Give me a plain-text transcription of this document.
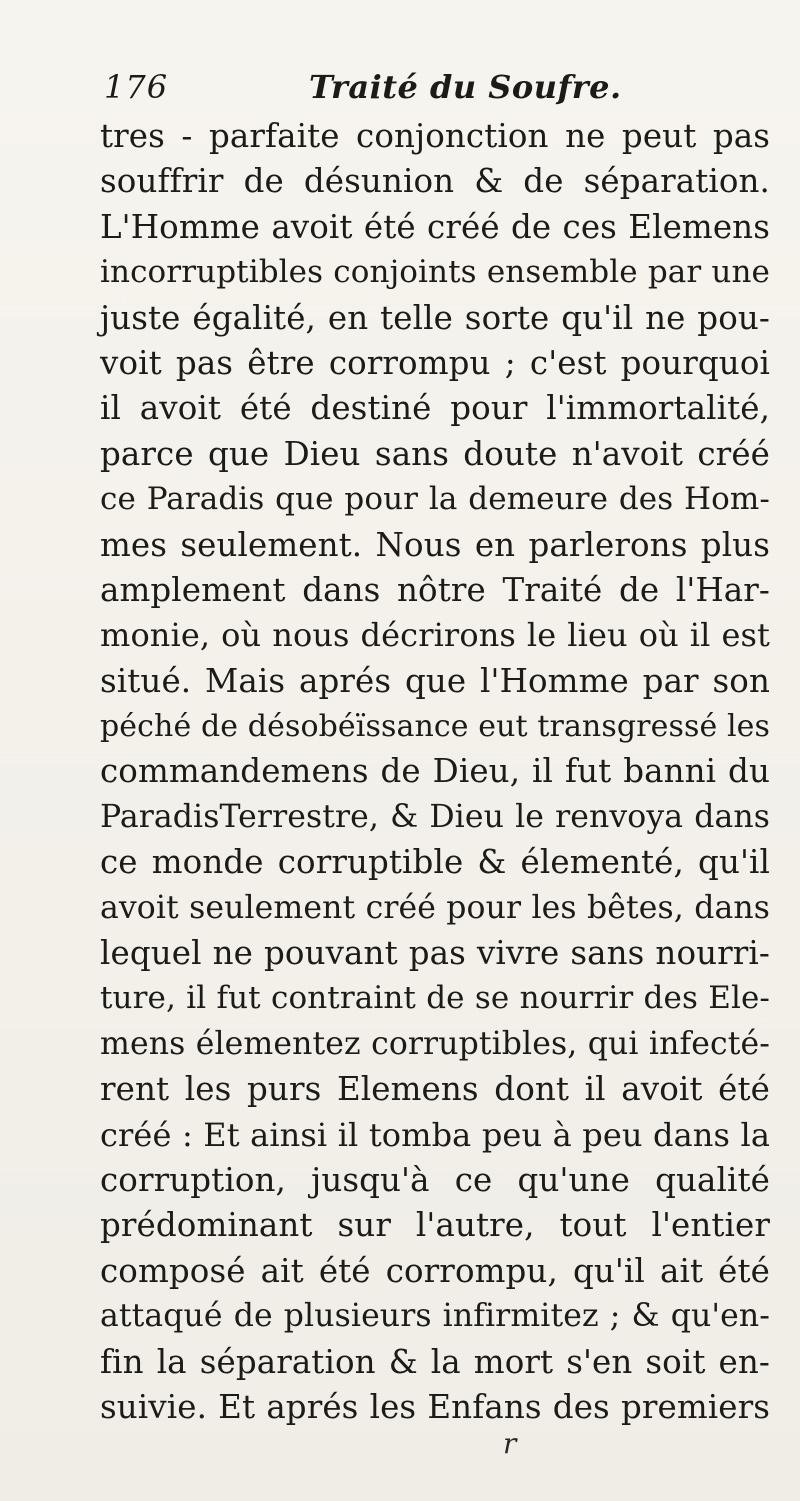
176	Traité du Soufre.
tres - parfaite conjonction ne peut pas
souffrir de désunion & de séparation.
L'Homme avoit été créé de ces Elemens
incorruptibles conjoints ensemble par une
juste égalité, en telle sorte qu'il ne pou-
voit pas être corrompu ; c'est pourquoi
il avoit été destiné pour l'immortalité,
parce que Dieu sans doute n'avoit créé
ce Paradis que pour la demeure des Hom-
mes seulement. Nous en parlerons plus
amplement dans nôtre Traité de l'Har-
monie, où nous décrirons le lieu où il est
situé. Mais aprés que l'Homme par son
péché de désobéïssance eut transgressé les
commandemens de Dieu, il fut banni du
ParadisTerrestre, & Dieu le renvoya dans
ce monde corruptible & élementé, qu'il
avoit seulement créé pour les bêtes, dans
lequel ne pouvant pas vivre sans nourri-
ture, il fut contraint de se nourrir des Ele-
mens élementez corruptibles, qui infecté-
rent les purs Elemens dont il avoit été
créé : Et ainsi il tomba peu à peu dans la
corruption, jusqu'à ce qu'une qualité
prédominant sur l'autre, tout l'entier
composé ait été corrompu, qu'il ait été
attaqué de plusieurs infirmitez ; & qu'en-
fin la séparation & la mort s'en soit en-
suivie. Et aprés les Enfans des premiers
r
